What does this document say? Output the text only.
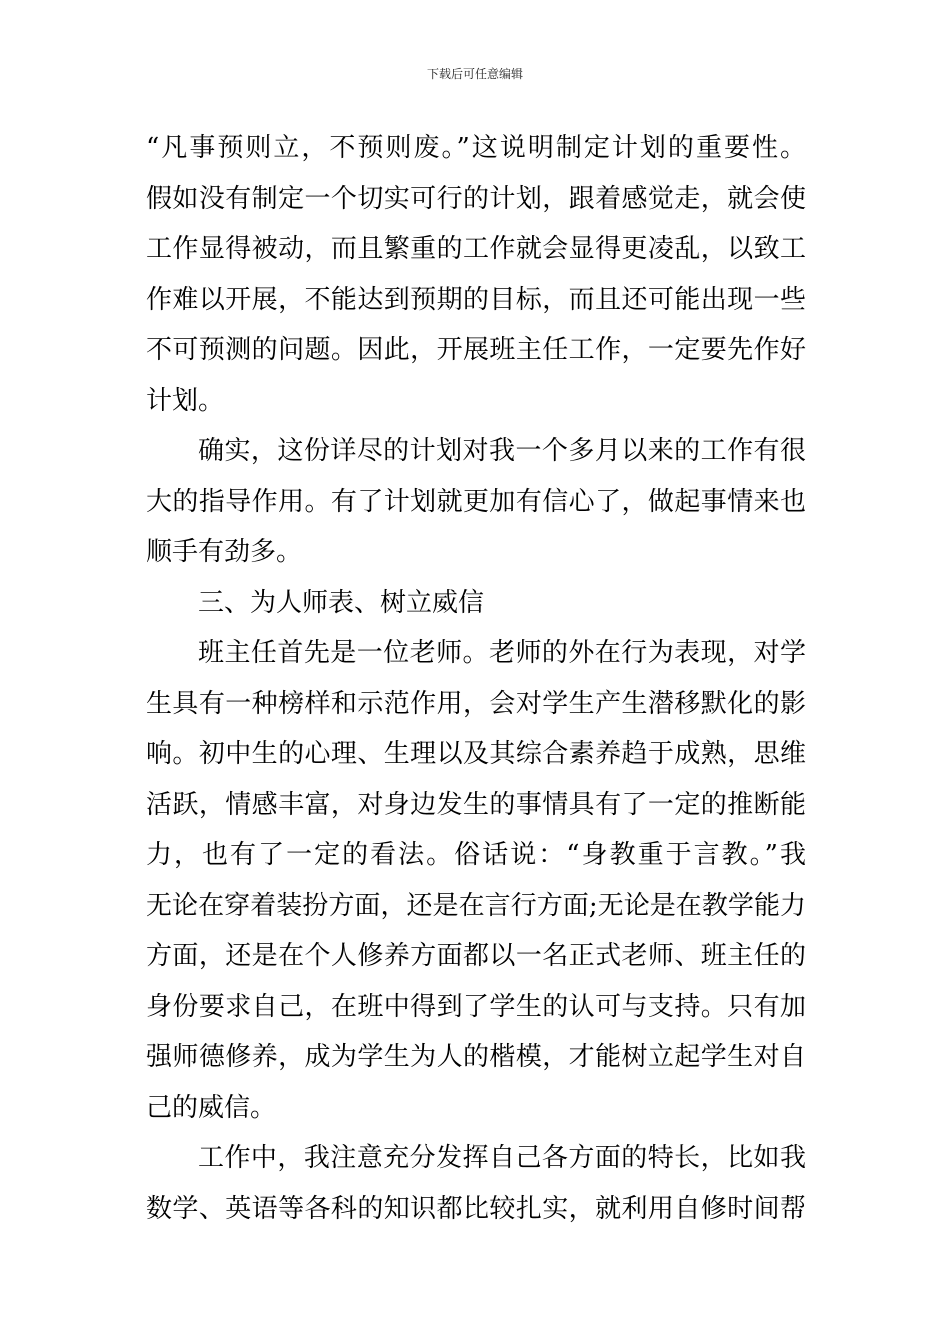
下载后可任意编辑
“凡事预则立，不预则废。”这说明制定计划的重要性。
假如没有制定一个切实可行的计划，跟着感觉走，就会使
工作显得被动，而且繁重的工作就会显得更凌乱，以致工
作难以开展，不能达到预期的目标，而且还可能出现一些
不可预测的问题。因此，开展班主任工作，一定要先作好
计划。
确实，这份详尽的计划对我一个多月以来的工作有很
大的指导作用。有了计划就更加有信心了，做起事情来也
顺手有劲多。
三、为人师表、树立威信
班主任首先是一位老师。老师的外在行为表现，对学
生具有一种榜样和示范作用，会对学生产生潜移默化的影
响。初中生的心理、生理以及其综合素养趋于成熟，思维
活跃，情感丰富，对身边发生的事情具有了一定的推断能
力，也有了一定的看法。俗话说：“身教重于言教。”我
无论在穿着装扮方面，还是在言行方面;无论是在教学能力
方面，还是在个人修养方面都以一名正式老师、班主任的
身份要求自己，在班中得到了学生的认可与支持。只有加
强师德修养，成为学生为人的楷模，才能树立起学生对自
己的威信。
工作中，我注意充分发挥自己各方面的特长，比如我
数学、英语等各科的知识都比较扎实，就利用自修时间帮
